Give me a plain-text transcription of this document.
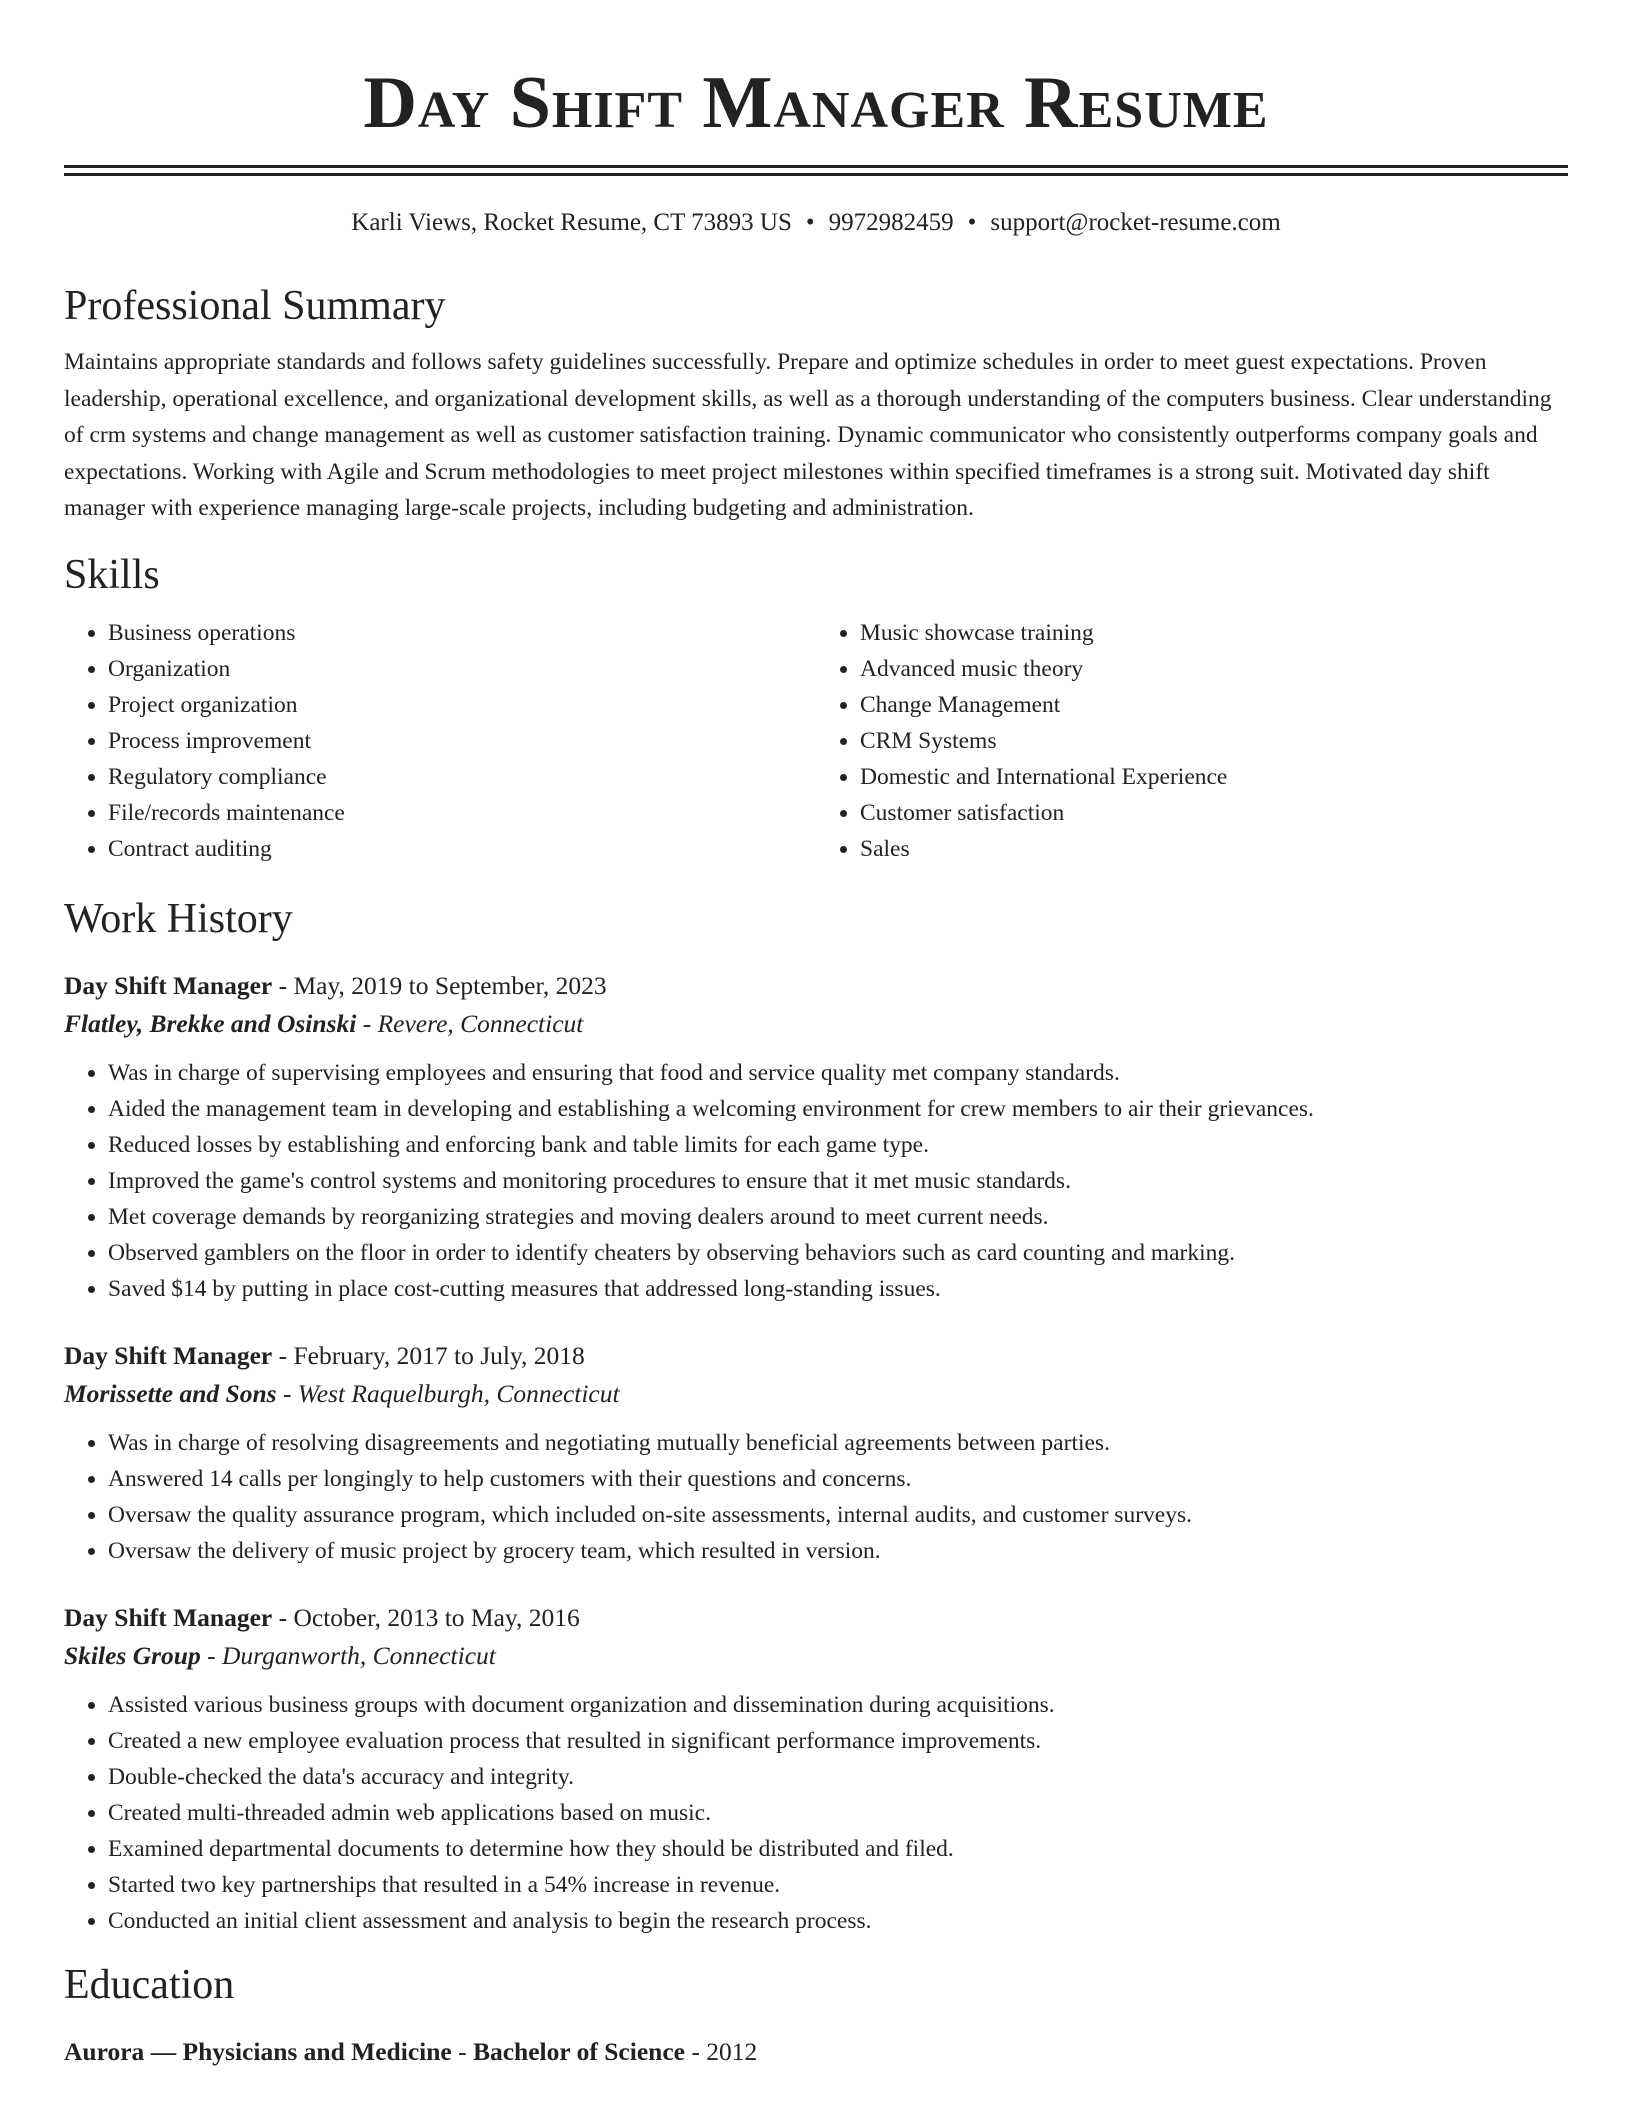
Day Shift Manager Resume
Karli Views, Rocket Resume, CT 73893 US • 9972982459 • support@rocket-resume.com
Professional Summary

Maintains appropriate standards and follows safety guidelines successfully. Prepare and optimize schedules in order to meet guest expectations. Proven leadership, operational excellence, and organizational development skills, as well as a thorough understanding of the computers business. Clear understanding of crm systems and change management as well as customer satisfaction training. Dynamic communicator who consistently outperforms company goals and expectations. Working with Agile and Scrum methodologies to meet project milestones within specified timeframes is a strong suit. Motivated day shift manager with experience managing large-scale projects, including budgeting and administration.

Skills
• Business operations
• Organization
• Project organization
• Process improvement
• Regulatory compliance
• File/records maintenance
• Contract auditing
• Music showcase training
• Advanced music theory
• Change Management
• CRM Systems
• Domestic and International Experience
• Customer satisfaction
• Sales
Work History
Day Shift Manager - May, 2019 to September, 2023
Flatley, Brekke and Osinski - Revere, Connecticut
• Was in charge of supervising employees and ensuring that food and service quality met company standards.
• Aided the management team in developing and establishing a welcoming environment for crew members to air their grievances.
• Reduced losses by establishing and enforcing bank and table limits for each game type.
• Improved the game's control systems and monitoring procedures to ensure that it met music standards.
• Met coverage demands by reorganizing strategies and moving dealers around to meet current needs.
• Observed gamblers on the floor in order to identify cheaters by observing behaviors such as card counting and marking.
• Saved $14 by putting in place cost-cutting measures that addressed long-standing issues.
Day Shift Manager - February, 2017 to July, 2018
Morissette and Sons - West Raquelburgh, Connecticut
• Was in charge of resolving disagreements and negotiating mutually beneficial agreements between parties.
• Answered 14 calls per longingly to help customers with their questions and concerns.
• Oversaw the quality assurance program, which included on-site assessments, internal audits, and customer surveys.
• Oversaw the delivery of music project by grocery team, which resulted in version.
Day Shift Manager - October, 2013 to May, 2016
Skiles Group - Durganworth, Connecticut
• Assisted various business groups with document organization and dissemination during acquisitions.
• Created a new employee evaluation process that resulted in significant performance improvements.
• Double-checked the data's accuracy and integrity.
• Created multi-threaded admin web applications based on music.
• Examined departmental documents to determine how they should be distributed and filed.
• Started two key partnerships that resulted in a 54% increase in revenue.
• Conducted an initial client assessment and analysis to begin the research process.
Education
Aurora — Physicians and Medicine - Bachelor of Science - 2012
